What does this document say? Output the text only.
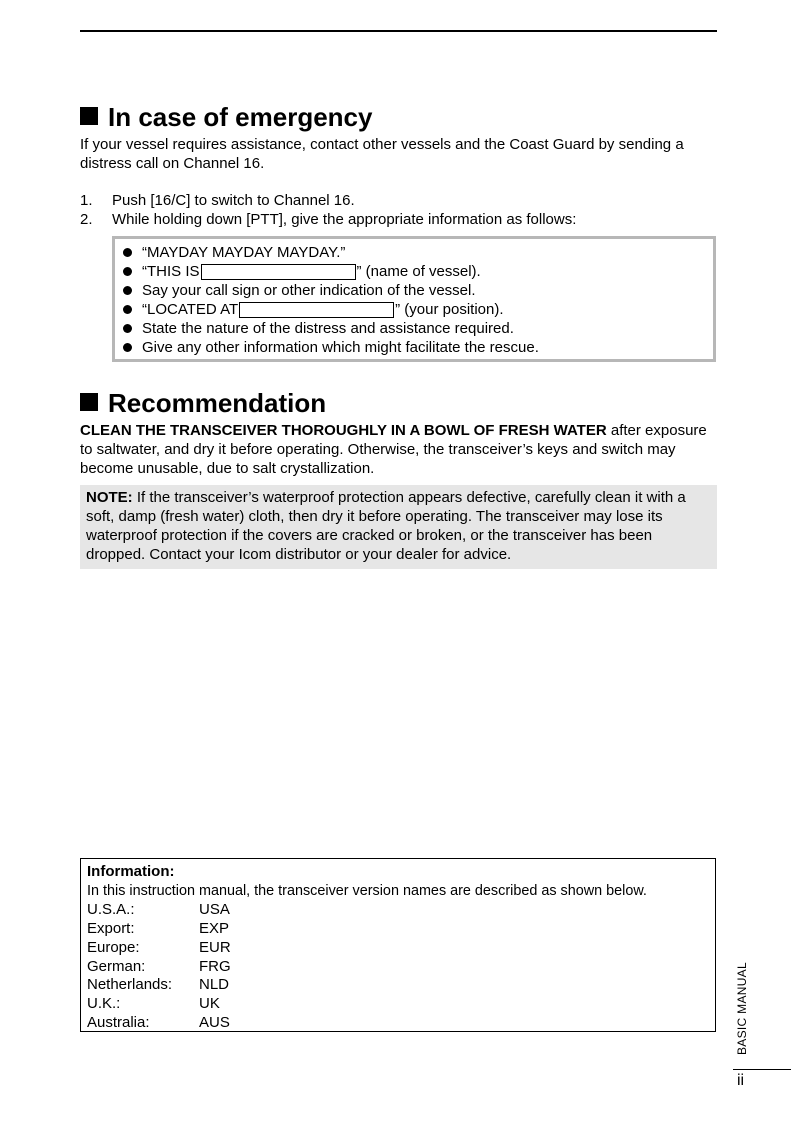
In case of emergency

If your vessel requires assistance, contact other vessels and the Coast Guard by sending a distress call on Channel 16.

1.	Push [16/C] to switch to Channel 16.
2.	While holding down [PTT], give the appropriate information as follows:
“MAYDAY MAYDAY MAYDAY.”
“THIS IS	” (name of vessel).
Say your call sign or other indication of the vessel.
“LOCATED AT	” (your position).
State the nature of the distress and assistance required.
Give any other information which might facilitate the rescue.
Recommendation

CLEAN THE TRANSCEIVER THOROUGHLY IN A BOWL OF FRESH WATER after exposure to saltwater, and dry it before operating. Otherwise, the transceiver’s keys and switch may become unusable, due to salt crystallization.

NOTE: If the transceiver’s waterproof protection appears defective, carefully clean it with a soft, damp (fresh water) cloth, then dry it before operating. The transceiver may lose its waterproof protection if the covers are cracked or broken, or the transceiver has been dropped. Contact your Icom distributor or your dealer for advice.

Information:
In this instruction manual, the transceiver version names are described as shown below.
U.S.A.:	USA
Export:	EXP
Europe:	EUR
German:	FRG
Netherlands:	NLD
U.K.:	UK
Australia:	AUS	BASIC MANUAL
ii
